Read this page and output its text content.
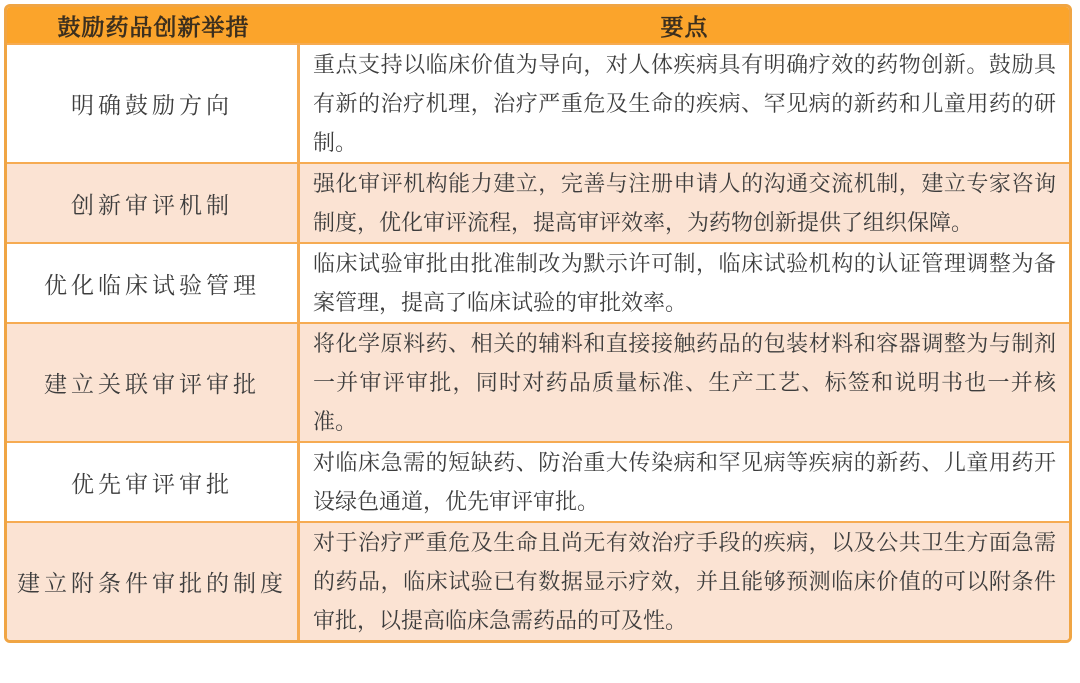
鼓励药品创新举措	要点
明确鼓励方向
重点支持以临床价值为导向，对人体疾病具有明确疗效的药物创新。鼓励具有新的治疗机理，治疗严重危及生命的疾病、罕见病的新药和儿童用药的研制。
创新审评机制
强化审评机构能力建立，完善与注册申请人的沟通交流机制，建立专家咨询制度，优化审评流程，提高审评效率，为药物创新提供了组织保障。
优化临床试验管理
临床试验审批由批准制改为默示许可制，临床试验机构的认证管理调整为备案管理，提高了临床试验的审批效率。
建立关联审评审批
将化学原料药、相关的辅料和直接接触药品的包装材料和容器调整为与制剂一并审评审批，同时对药品质量标准、生产工艺、标签和说明书也一并核准。
优先审评审批
对临床急需的短缺药、防治重大传染病和罕见病等疾病的新药、儿童用药开设绿色通道，优先审评审批。
建立附条件审批的制度
对于治疗严重危及生命且尚无有效治疗手段的疾病，以及公共卫生方面急需的药品，临床试验已有数据显示疗效，并且能够预测临床价值的可以附条件审批，以提高临床急需药品的可及性。
